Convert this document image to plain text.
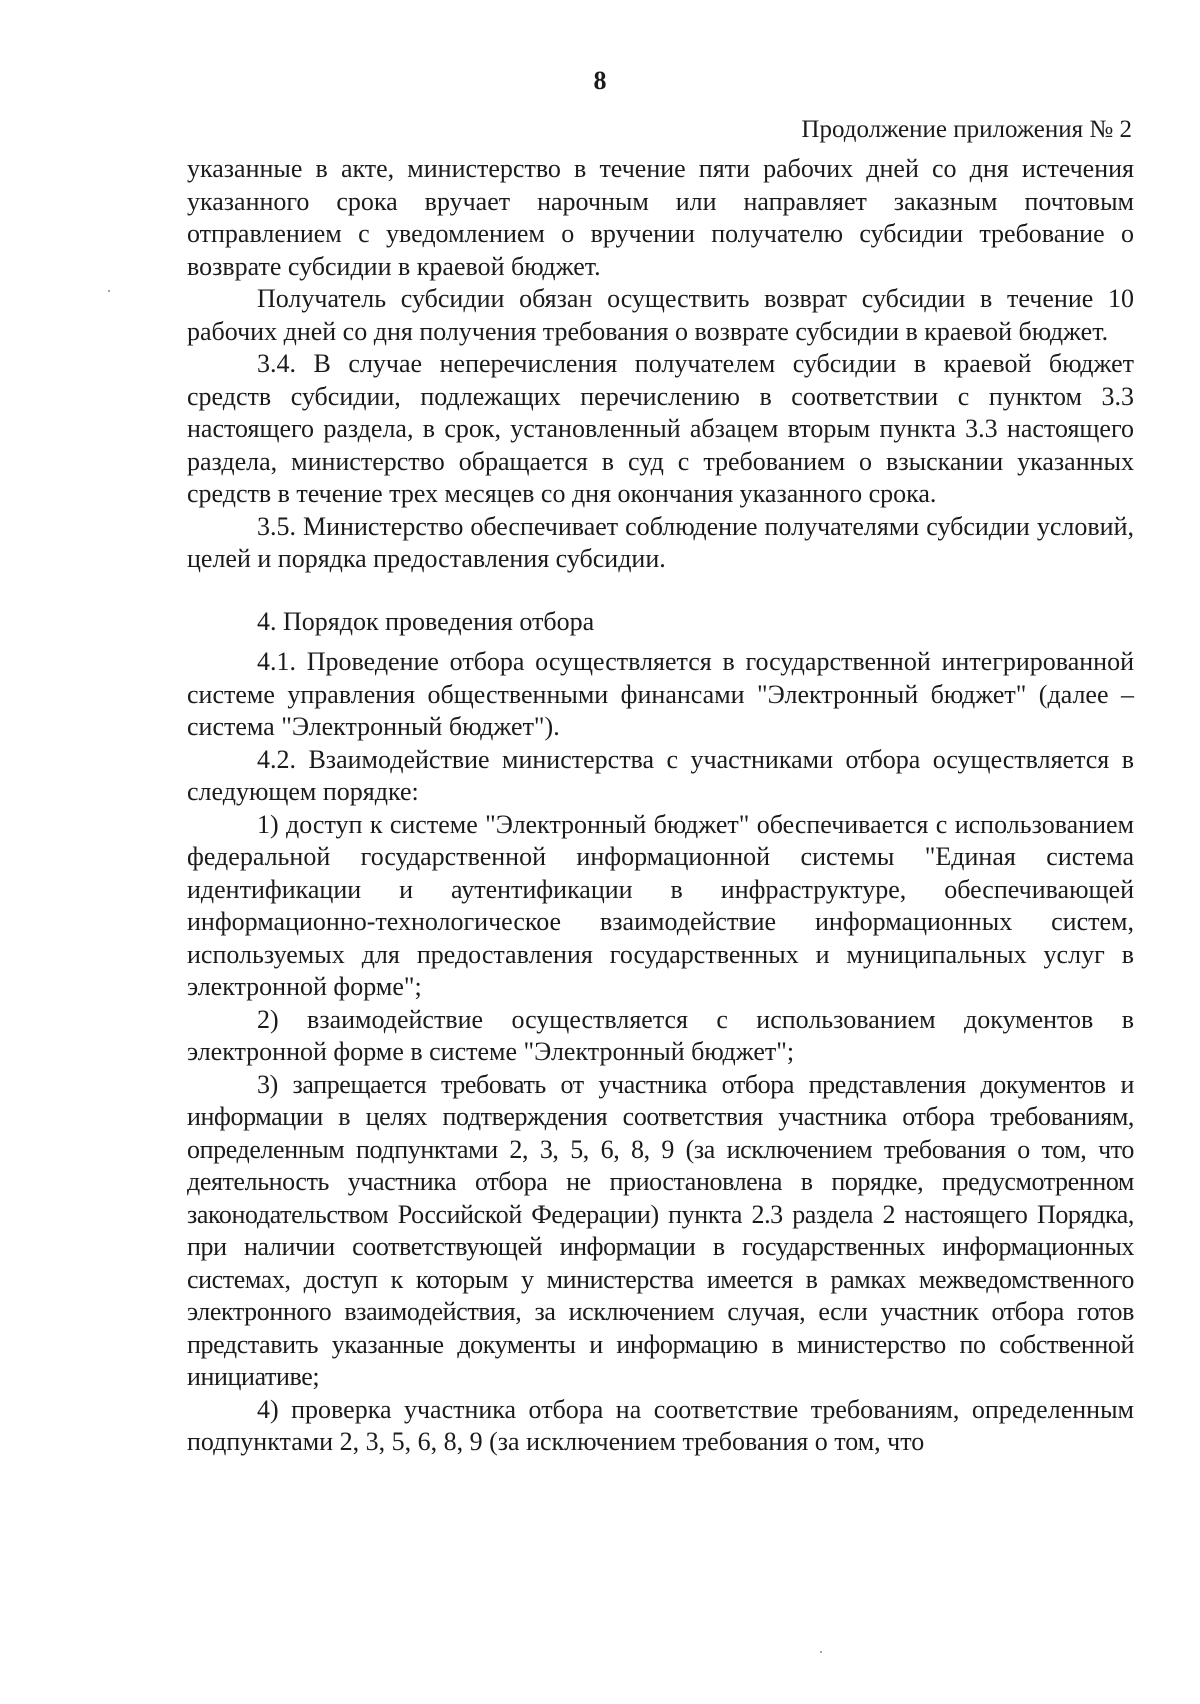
8
Продолжение приложения № 2

указанные в акте, министерство в течение пяти рабочих дней со дня истечения указанного срока вручает нарочным или направляет заказным почтовым отправлением с уведомлением о вручении получателю субсидии требование о возврате субсидии в краевой бюджет.

Получатель субсидии обязан осуществить возврат субсидии в течение 10 рабочих дней со дня получения требования о возврате субсидии в краевой бюджет.

3.4. В случае неперечисления получателем субсидии в краевой бюджет средств субсидии, подлежащих перечислению в соответствии с пунктом 3.3 настоящего раздела, в срок, установленный абзацем вторым пункта 3.3 настоящего раздела, министерство обращается в суд с требованием о взыскании указанных средств в течение трех месяцев со дня окончания указанного срока.

3.5. Министерство обеспечивает соблюдение получателями субсидии условий, целей и порядка предоставления субсидии.

4. Порядок проведения отбора

4.1. Проведение отбора осуществляется в государственной интегрированной системе управления общественными финансами "Электронный бюджет" (далее – система "Электронный бюджет").

4.2. Взаимодействие министерства с участниками отбора осуществляется в следующем порядке:

1) доступ к системе "Электронный бюджет" обеспечивается с использованием федеральной государственной информационной системы "Единая система идентификации и аутентификации в инфраструктуре, обеспечивающей информационно-технологическое взаимодействие информационных систем, используемых для предоставления государственных и муниципальных услуг в электронной форме";

2) взаимодействие осуществляется с использованием документов в электронной форме в системе "Электронный бюджет";

3) запрещается требовать от участника отбора представления документов и информации в целях подтверждения соответствия участника отбора требованиям, определенным подпунктами 2, 3, 5, 6, 8, 9 (за исключением требования о том, что деятельность участника отбора не приостановлена в порядке, предусмотренном законодательством Российской Федерации) пункта 2.3 раздела 2 настоящего Порядка, при наличии соответствующей информации в государственных информационных системах, доступ к которым у министерства имеется в рамках межведомственного электронного взаимодействия, за исключением случая, если участник отбора готов представить указанные документы и информацию в министерство по собственной инициативе;

4) проверка участника отбора на соответствие требованиям, определенным подпунктами 2, 3, 5, 6, 8, 9 (за исключением требования о том, что
